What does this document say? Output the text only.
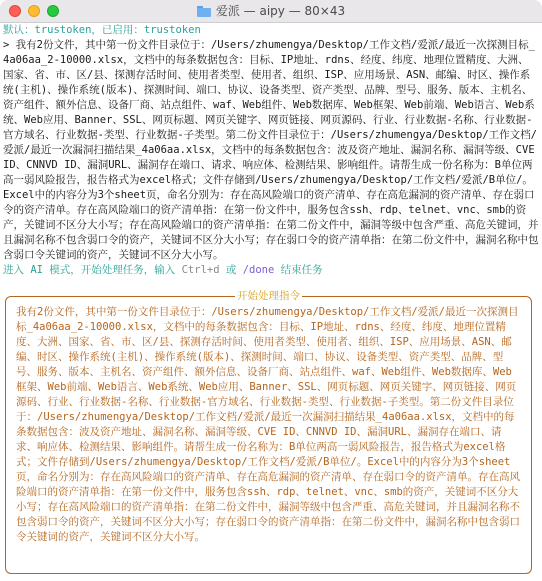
爱派 — aipy — 80×43
默认：trustoken，已启用：trustoken
> 我有2份文件，其中第一份文件目录位于：/Users/zhumengya/Desktop/工作文档/爱派/最近一次探测目标_4a06aa_2-10000.xlsx，文档中的每条数据包含：目标、IP地址、rdns、经度、纬度、地理位置精度、大洲、国家、省、市、区/县、探测存活时间、使用者类型、使用者、组织、ISP、应用场景、ASN、邮编、时区、操作系统(主机)、操作系统(版本)、探测时间、端口、协议、设备类型、资产类型、品牌、型号、服务、版本、主机名、资产组件、额外信息、设备厂商、站点组件、waf、Web组件、Web数据库、Web框架、Web前端、Web语言、Web系统、Web应用、Banner、SSL、网页标题、网页关键字、网页链接、网页源码、行业、行业数据-名称、行业数据-官方域名、行业数据-类型、行业数据-子类型。第二份文件目录位于：/Users/zhumengya/Desktop/工作文档/爱派/最近一次漏洞扫描结果_4a06aa.xlsx，文档中的每条数据包含：波及资产地址、漏洞名称、漏洞等级、CVE ID、CNNVD ID、漏洞URL、漏洞存在端口、请求、响应体、检测结果、影响组件。请帮生成一份名称为：B单位两高一弱风险报告，报告格式为excel格式；文件存储到/Users/zhumengya/Desktop/工作文档/爱派/B单位/。Excel中的内容分为3个sheet页，命名分别为：存在高风险端口的资产清单、存在高危漏洞的资产清单、存在弱口令的资产清单。存在高风险端口的资产清单指：在第一份文件中，服务包含ssh、rdp、telnet、vnc、smb的资产，关键词不区分大小写；存在高风险端口的资产清单指：在第二份文件中，漏洞等级中包含严重、高危关键词，并且漏洞名称不包含弱口令的资产，关键词不区分大小写；存在弱口令的资产清单指：在第二份文件中，漏洞名称中包含弱口令关键词的资产，关键词不区分大小写。
进入 AI 模式，开始处理任务，输入 Ctrl+d 或 /done 结束任务
开始处理指令
我有2份文件，其中第一份文件目录位于：/Users/zhumengya/Desktop/工作文档/爱派/最近一次探测目标_4a06aa_2-10000.xlsx，文档中的每条数据包含：目标、IP地址、rdns、经度、纬度、地理位置精度、大洲、国家、省、市、区/县、探测存活时间、使用者类型、使用者、组织、ISP、应用场景、ASN、邮编、时区、操作系统(主机)、操作系统(版本)、探测时间、端口、协议、设备类型、资产类型、品牌、型号、服务、版本、主机名、资产组件、额外信息、设备厂商、站点组件、waf、Web组件、Web数据库、Web框架、Web前端、Web语言、Web系统、Web应用、Banner、SSL、网页标题、网页关键字、网页链接、网页源码、行业、行业数据-名称、行业数据-官方域名、行业数据-类型、行业数据-子类型。第二份文件目录位于：/Users/zhumengya/Desktop/工作文档/爱派/最近一次漏洞扫描结果_4a06aa.xlsx，文档中的每条数据包含：波及资产地址、漏洞名称、漏洞等级、CVE ID、CNNVD ID、漏洞URL、漏洞存在端口、请求、响应体、检测结果、影响组件。请帮生成一份名称为：B单位两高一弱风险报告，报告格式为excel格式；文件存储到/Users/zhumengya/Desktop/工作文档/爱派/B单位/。Excel中的内容分为3个sheet页，命名分别为：存在高风险端口的资产清单、存在高危漏洞的资产清单、存在弱口令的资产清单。存在高风险端口的资产清单指：在第一份文件中，服务包含ssh、rdp、telnet、vnc、smb的资产，关键词不区分大小写；存在高风险端口的资产清单指：在第二份文件中，漏洞等级中包含严重、高危关键词，并且漏洞名称不包含弱口令的资产，关键词不区分大小写；存在弱口令的资产清单指：在第二份文件中，漏洞名称中包含弱口令关键词的资产，关键词不区分大小写。
